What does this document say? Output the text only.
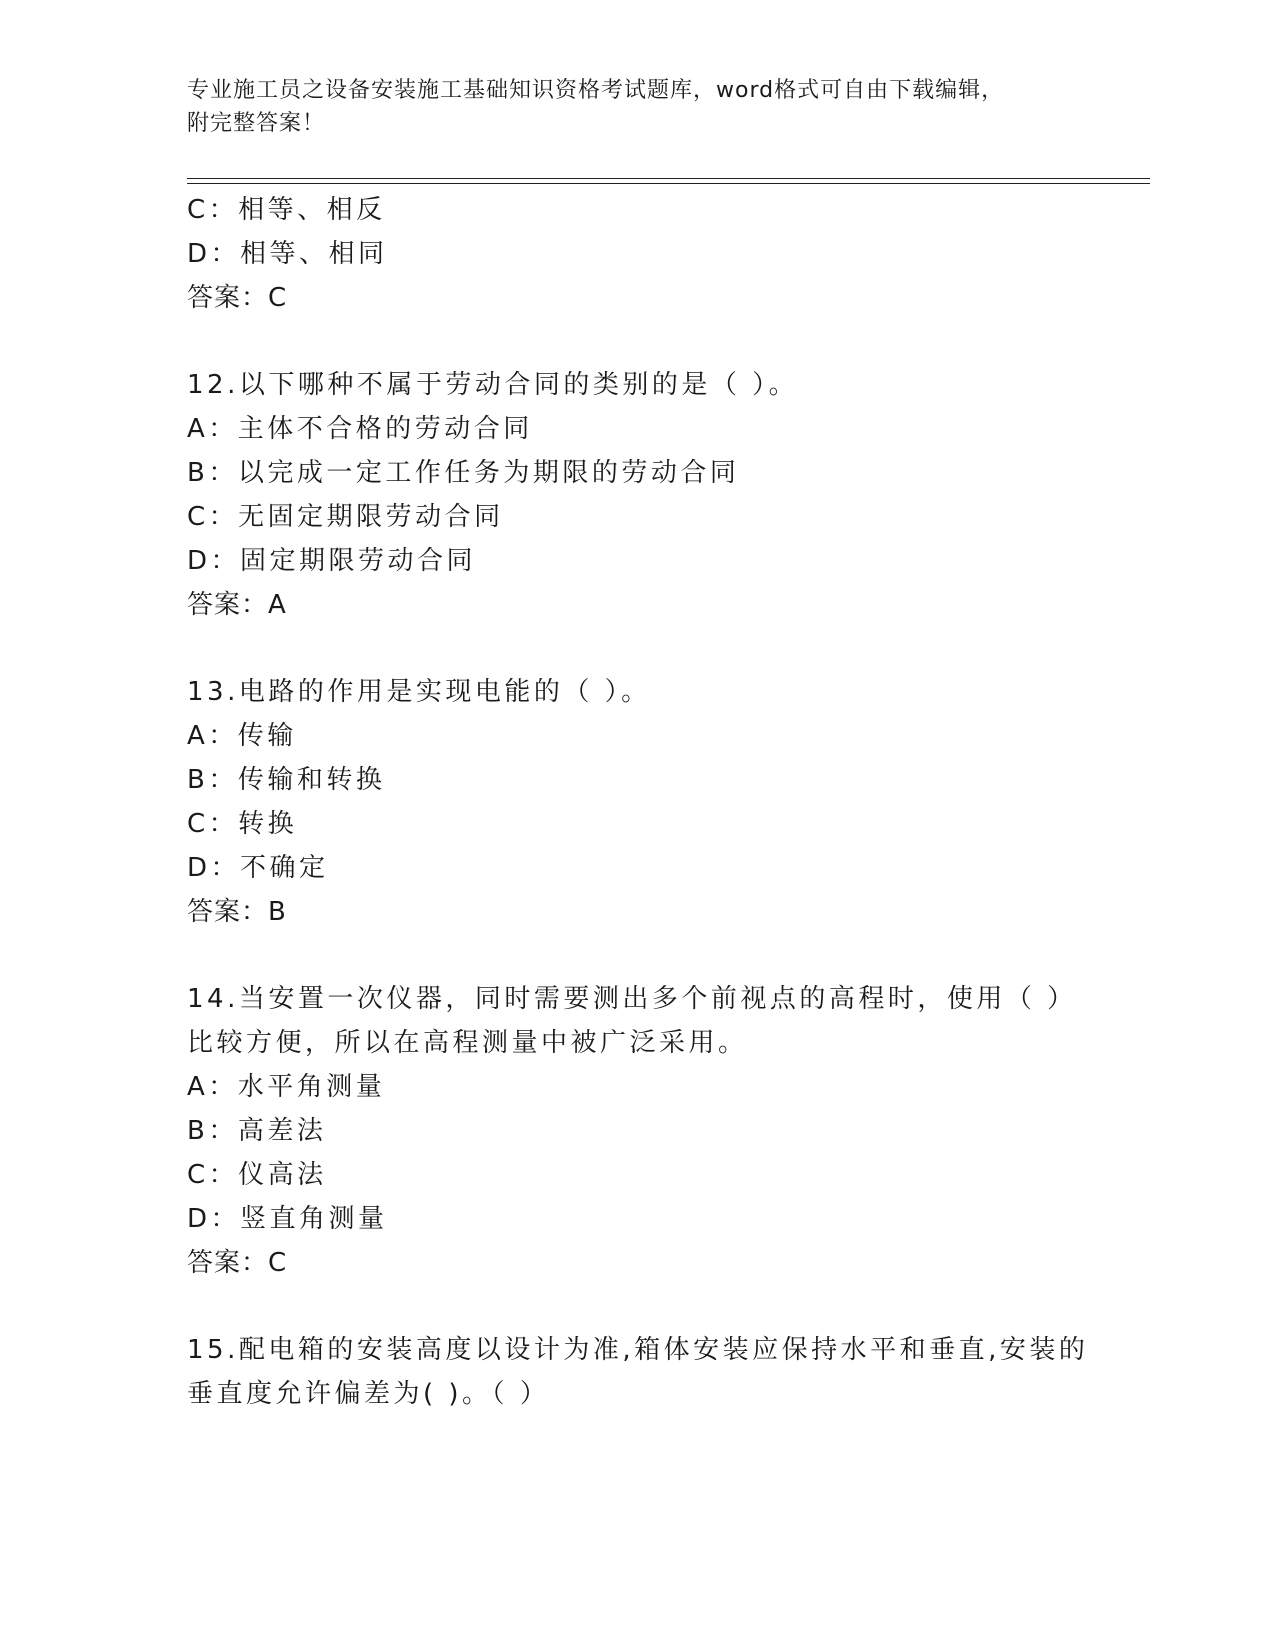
专业施工员之设备安装施工基础知识资格考试题库，word格式可自由下载编辑，
附完整答案！
C：相等、相反
D：相等、相同
答案：C
12.以下哪种不属于劳动合同的类别的是（ ）。
A：主体不合格的劳动合同
B：以完成一定工作任务为期限的劳动合同
C：无固定期限劳动合同
D：固定期限劳动合同
答案：A
13.电路的作用是实现电能的（ ）。
A：传输
B：传输和转换
C：转换
D：不确定
答案：B
14.当安置一次仪器，同时需要测出多个前视点的高程时，使用（ ）
比较方便，所以在高程测量中被广泛采用。
A：水平角测量
B：高差法
C：仪高法
D：竖直角测量
答案：C
15.配电箱的安装高度以设计为准,箱体安装应保持水平和垂直,安装的
垂直度允许偏差为( )。（ ）
